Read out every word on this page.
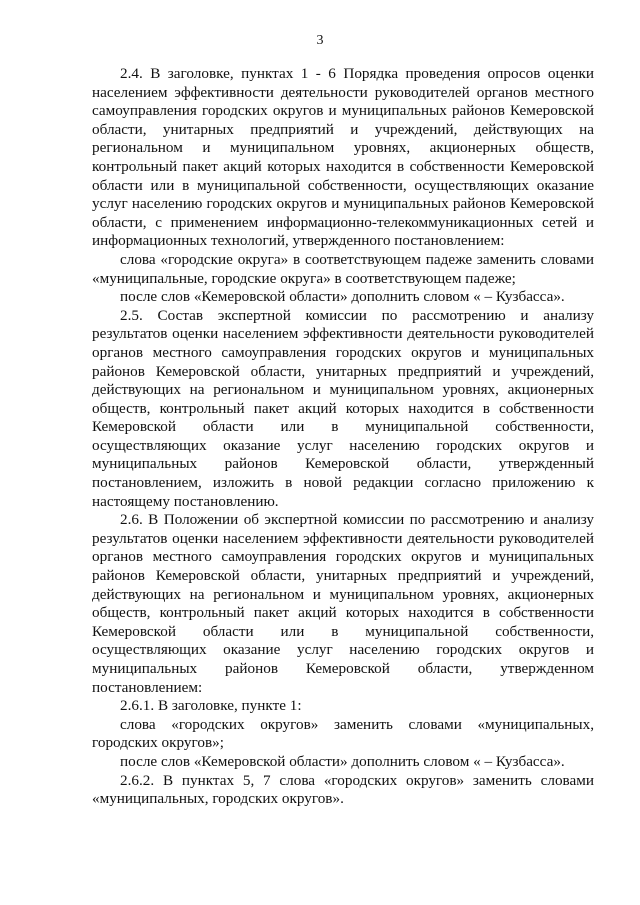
3

2.4. В заголовке, пунктах 1 - 6 Порядка проведения опросов оценки населением эффективности деятельности руководителей органов местного самоуправления городских округов и муниципальных районов Кемеровской области, унитарных предприятий и учреждений, действующих на региональном и муниципальном уровнях, акционерных обществ, контрольный пакет акций которых находится в собственности Кемеровской области или в муниципальной собственности, осуществляющих оказание услуг населению городских округов и муниципальных районов Кемеровской области, с применением информационно-телекоммуникационных сетей и информационных технологий, утвержденного постановлением:

слова «городские округа» в соответствующем падеже заменить словами «муниципальные, городские округа» в соответствующем падеже;

после слов «Кемеровской области» дополнить словом « – Кузбасса».

2.5. Состав экспертной комиссии по рассмотрению и анализу результатов оценки населением эффективности деятельности руководителей органов местного самоуправления городских округов и муниципальных районов Кемеровской области, унитарных предприятий и учреждений, действующих на региональном и муниципальном уровнях, акционерных обществ, контрольный пакет акций которых находится в собственности Кемеровской области или в муниципальной собственности, осуществляющих оказание услуг населению городских округов и муниципальных районов Кемеровской области, утвержденный постановлением, изложить в новой редакции согласно приложению к настоящему постановлению.

2.6. В Положении об экспертной комиссии по рассмотрению и анализу результатов оценки населением эффективности деятельности руководителей органов местного самоуправления городских округов и муниципальных районов Кемеровской области, унитарных предприятий и учреждений, действующих на региональном и муниципальном уровнях, акционерных обществ, контрольный пакет акций которых находится в собственности Кемеровской области или в муниципальной собственности, осуществляющих оказание услуг населению городских округов и муниципальных районов Кемеровской области, утвержденном постановлением:

2.6.1. В заголовке, пункте 1:

слова «городских округов» заменить словами «муниципальных, городских округов»;

после слов «Кемеровской области» дополнить словом « – Кузбасса».

2.6.2. В пунктах 5, 7 слова «городских округов» заменить словами «муниципальных, городских округов».
